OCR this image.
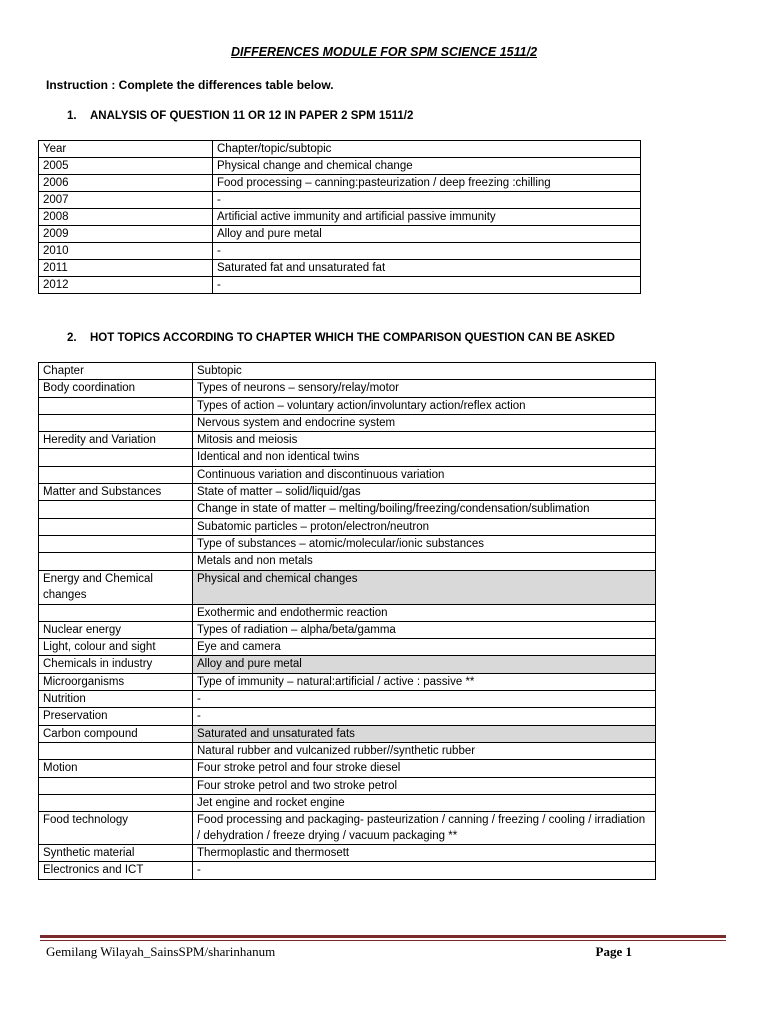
DIFFERENCES MODULE FOR SPM SCIENCE 1511/2
Instruction : Complete the differences table below.
1. ANALYSIS OF QUESTION 11 OR 12 IN PAPER 2 SPM 1511/2
Year	Chapter/topic/subtopic
2005	Physical change and chemical change
2006	Food processing – canning:pasteurization / deep freezing :chilling
2007	-
2008	Artificial active immunity and artificial passive immunity
2009	Alloy and pure metal
2010	-
2011	Saturated fat and unsaturated fat
2012	-
2. HOT TOPICS ACCORDING TO CHAPTER WHICH THE COMPARISON QUESTION CAN BE ASKED
Chapter	Subtopic
Body coordination	Types of neurons – sensory/relay/motor
	Types of action – voluntary action/involuntary action/reflex action
	Nervous system and endocrine system
Heredity and Variation	Mitosis and meiosis
	Identical and non identical twins
	Continuous variation and discontinuous variation
Matter and Substances	State of matter – solid/liquid/gas
	Change in state of matter – melting/boiling/freezing/condensation/sublimation
	Subatomic particles – proton/electron/neutron
	Type of substances – atomic/molecular/ionic substances
	Metals and non metals
Energy and Chemical changes	Physical and chemical changes
	Exothermic and endothermic reaction
Nuclear energy	Types of radiation – alpha/beta/gamma
Light, colour and sight	Eye and camera
Chemicals in industry	Alloy and pure metal
Microorganisms	Type of immunity – natural:artificial / active : passive **
Nutrition	-
Preservation	-
Carbon compound	Saturated and unsaturated fats
	Natural rubber and vulcanized rubber//synthetic rubber
Motion	Four stroke petrol and four stroke diesel
	Four stroke petrol and two stroke petrol
	Jet engine and rocket engine
Food technology	Food processing and packaging- pasteurization / canning / freezing / cooling / irradiation / dehydration / freeze drying / vacuum packaging **
Synthetic material	Thermoplastic and thermosett
Electronics and ICT	-
Gemilang Wilayah_SainsSPM/sharinhanum	Page 1
